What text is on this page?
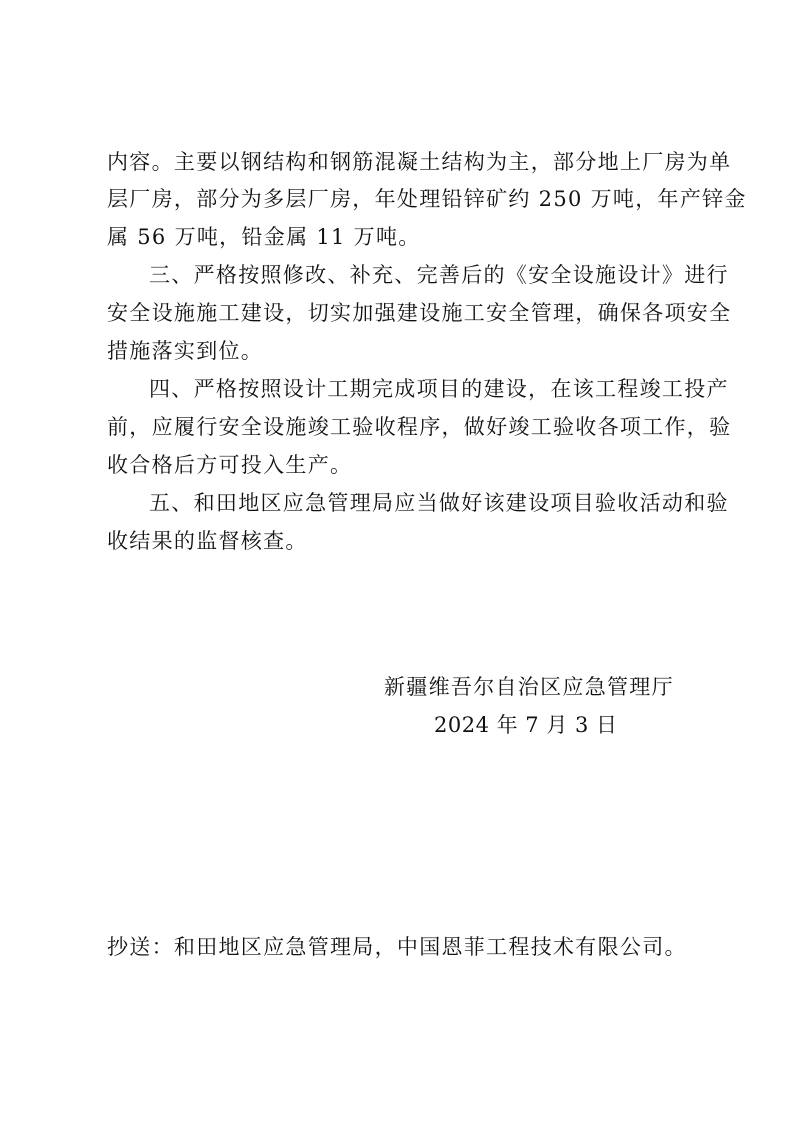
内容。主要以钢结构和钢筋混凝土结构为主，部分地上厂房为单
层厂房，部分为多层厂房，年处理铅锌矿约 250 万吨，年产锌金
属 56 万吨，铅金属 11 万吨。
三、严格按照修改、补充、完善后的《安全设施设计》进行
安全设施施工建设，切实加强建设施工安全管理，确保各项安全
措施落实到位。
四、严格按照设计工期完成项目的建设，在该工程竣工投产
前，应履行安全设施竣工验收程序，做好竣工验收各项工作，验
收合格后方可投入生产。
五、和田地区应急管理局应当做好该建设项目验收活动和验
收结果的监督核查。
新疆维吾尔自治区应急管理厅
2024 年 7 月 3 日
抄送：和田地区应急管理局，中国恩菲工程技术有限公司。
